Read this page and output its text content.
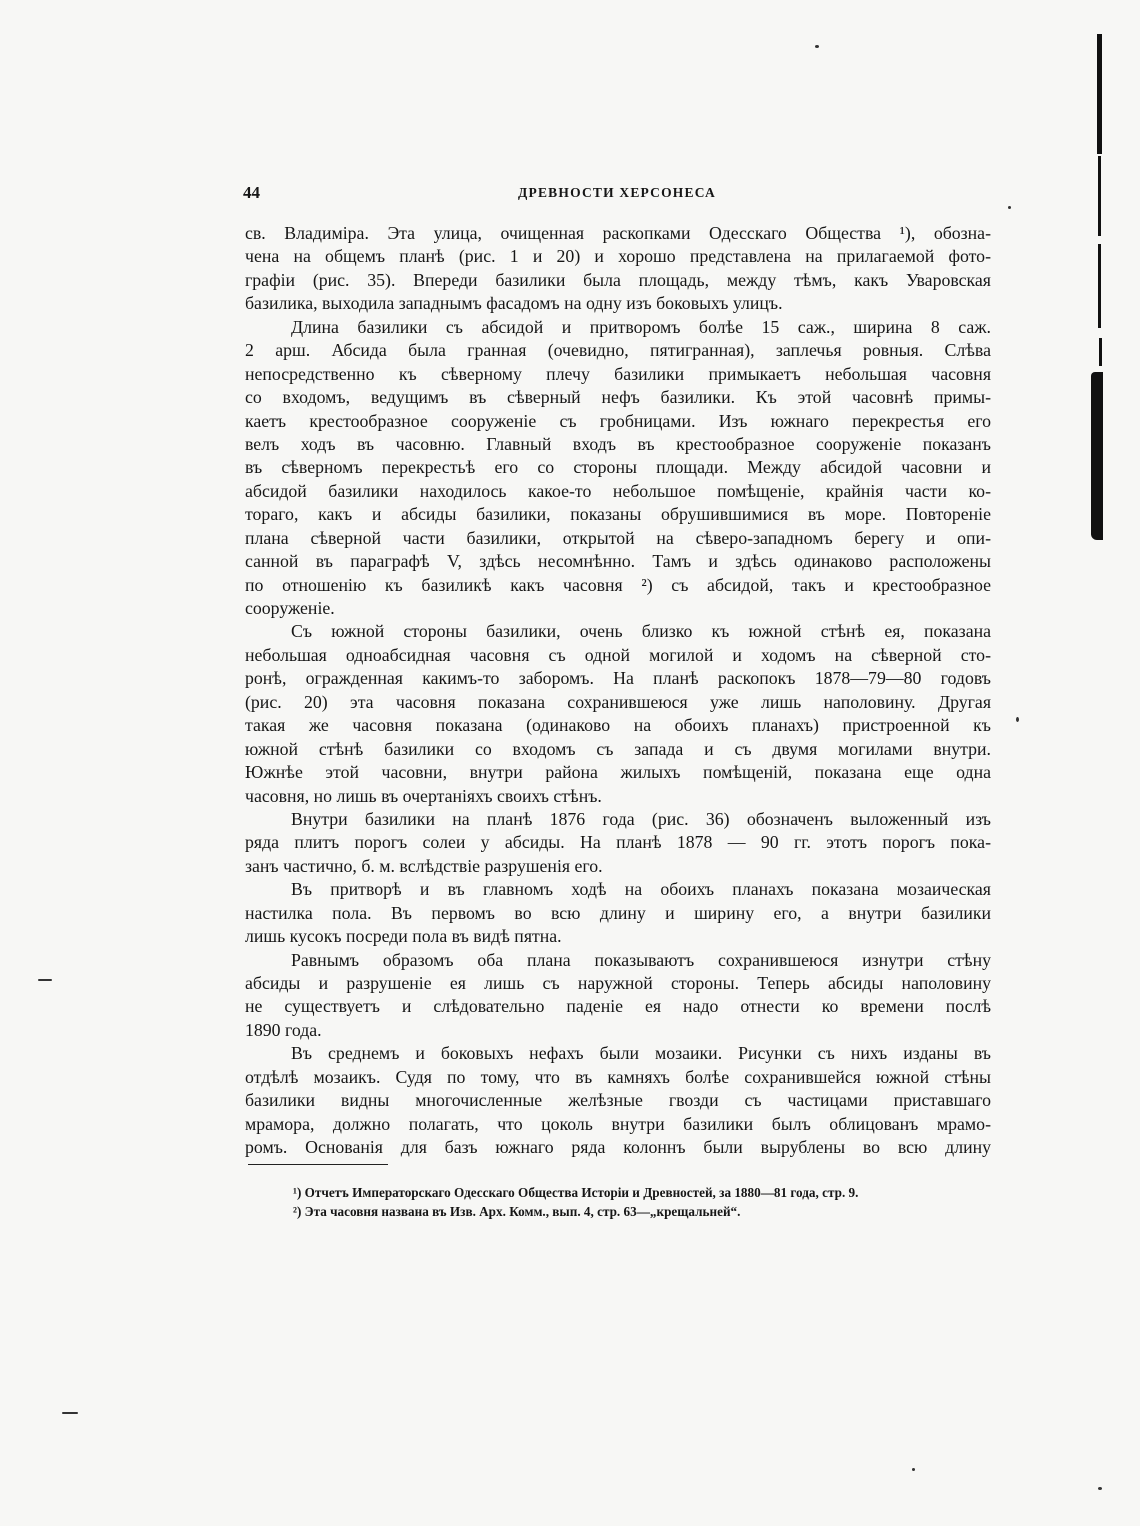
44	ДРЕВНОСТИ ХЕРСОНЕСА

св. Владиміра. Эта улица, очищенная раскопками Одесскаго Общества ¹), обозна-
чена на общемъ планѣ (рис. 1 и 20) и хорошо представлена на прилагаемой фото-
графіи (рис. 35). Впереди базилики была площадь, между тѣмъ, какъ Уваровская
базилика, выходила западнымъ фасадомъ на одну изъ боковыхъ улицъ.

Длина базилики съ абсидой и притворомъ болѣе 15 саж., ширина 8 саж.
2 арш. Абсида была гранная (очевидно, пятигранная), заплечья ровныя. Слѣва
непосредственно къ сѣверному плечу базилики примыкаетъ небольшая часовня
со входомъ, ведущимъ въ сѣверный нефъ базилики. Къ этой часовнѣ примы-
каетъ крестообразное сооруженіе съ гробницами. Изъ южнаго перекрестья его
велъ ходъ въ часовню. Главный входъ въ крестообразное сооруженіе показанъ
въ сѣверномъ перекрестьѣ его со стороны площади. Между абсидой часовни и
абсидой базилики находилось какое-то небольшое помѣщеніе, крайнія части ко-
тораго, какъ и абсиды базилики, показаны обрушившимися въ море. Повтореніе
плана сѣверной части базилики, открытой на сѣверо-западномъ берегу и опи-
санной въ параграфѣ V, здѣсь несомнѣнно. Тамъ и здѣсь одинаково расположены
по отношенію къ базиликѣ какъ часовня ²) съ абсидой, такъ и крестообразное
сооруженіе.

Съ южной стороны базилики, очень близко къ южной стѣнѣ ея, показана
небольшая одноабсидная часовня съ одной могилой и ходомъ на сѣверной сто-
ронѣ, огражденная какимъ-то заборомъ. На планѣ раскопокъ 1878—79—80 годовъ
(рис. 20) эта часовня показана сохранившеюся уже лишь наполовину. Другая
такая же часовня показана (одинаково на обоихъ планахъ) пристроенной къ
южной стѣнѣ базилики со входомъ съ запада и съ двумя могилами внутри.
Южнѣе этой часовни, внутри района жилыхъ помѣщеній, показана еще одна
часовня, но лишь въ очертаніяхъ своихъ стѣнъ.

Внутри базилики на планѣ 1876 года (рис. 36) обозначенъ выложенный изъ
ряда плитъ порогъ солеи у абсиды. На планѣ 1878 — 90 гг. этотъ порогъ пока-
занъ частично, б. м. вслѣдствіе разрушенія его.

Въ притворѣ и въ главномъ ходѣ на обоихъ планахъ показана мозаическая
настилка пола. Въ первомъ во всю длину и ширину его, а внутри базилики
лишь кусокъ посреди пола въ видѣ пятна.

Равнымъ образомъ оба плана показываютъ сохранившеюся изнутри стѣну
абсиды и разрушеніе ея лишь съ наружной стороны. Теперь абсиды наполовину
не существуетъ и слѣдовательно паденіе ея надо отнести ко времени послѣ
1890 года.

Въ среднемъ и боковыхъ нефахъ были мозаики. Рисунки съ нихъ изданы въ
отдѣлѣ мозаикъ. Судя по тому, что въ камняхъ болѣе сохранившейся южной стѣны
базилики видны многочисленные желѣзные гвозди съ частицами приставшаго
мрамора, должно полагать, что цоколь внутри базилики былъ облицованъ мрамо-
ромъ. Основанія для базъ южнаго ряда колоннъ были вырублены во всю длину

¹) Отчетъ Императорскаго Одесскаго Общества Исторіи и Древностей, за 1880—81 года, стр. 9.
²) Эта часовня названа въ Изв. Арх. Комм., вып. 4, стр. 63—„крещальней“.
